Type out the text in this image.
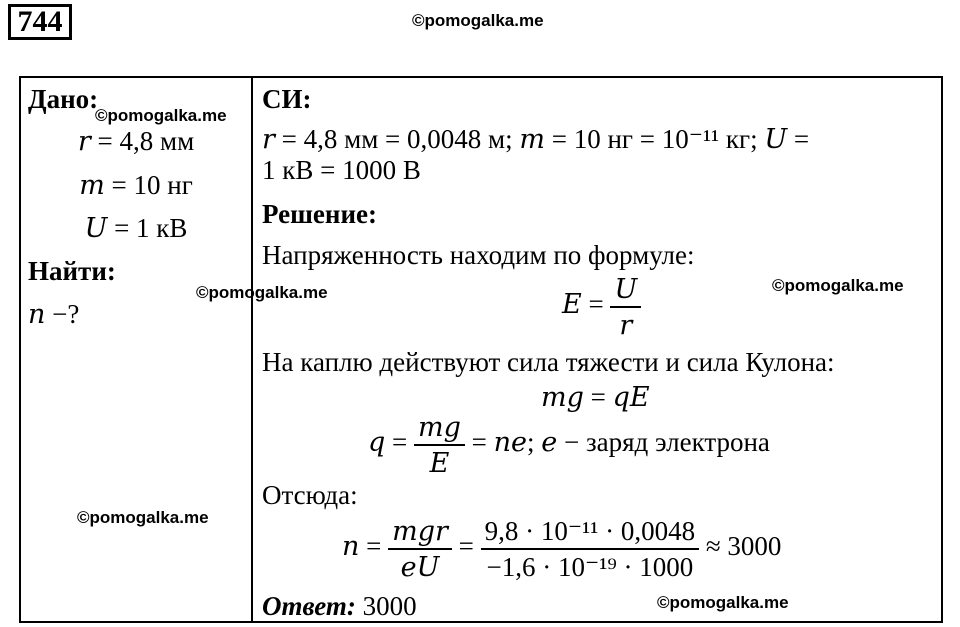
744	©pomogalka.me
Дано:
©pomogalka.me
𝑟 = 4,8 мм
𝑚 = 10 нг
𝑈 = 1 кВ
Найти:
©pomogalka.me
𝑛 −?
©pomogalka.me
СИ:
𝑟 = 4,8 мм = 0,0048 м; 𝑚 = 10 нг = 10⁻¹¹ кг; 𝑈 =
1 кВ = 1000 В
Решение:
Напряженность находим по формуле:
©pomogalka.me
𝐸 = $\frac{\text{𝑈}}{\text{𝑟}}$
На каплю действуют сила тяжести и сила Кулона:
𝑚𝑔 = 𝑞𝐸
𝑞 = $\frac{\text{𝑚𝑔}}{\text{𝐸}}$ = 𝑛𝑒; 𝑒 − заряд электрона
Отсюда:
𝑛 = $\frac{\text{𝑚𝑔𝑟}}{\text{𝑒𝑈}} = \frac{\text{9,8 · 10⁻¹¹ · 0,0048}}{\text{−1,6 · 10⁻¹⁹ · 1000}} \approx 3000$
Ответ: 3000	©pomogalka.me
